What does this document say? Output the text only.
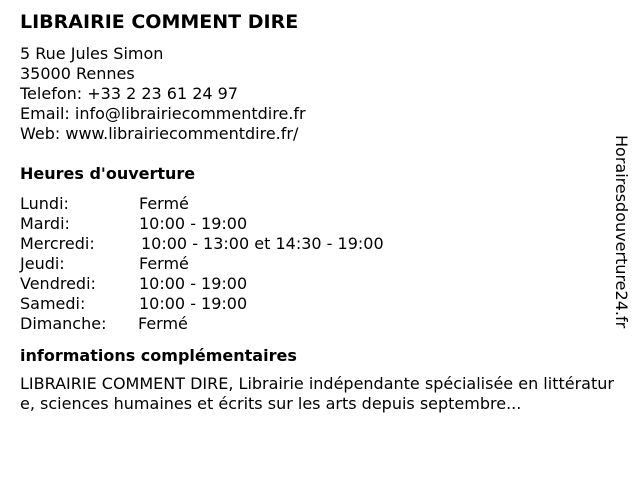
LIBRAIRIE COMMENT DIRE
5 Rue Jules Simon
35000 Rennes
Telefon: +33 2 23 61 24 97
Email: info@librairiecommentdire.fr
Web: www.librairiecommentdire.fr/
Heures d'ouverture
Lundi:	Fermé
Mardi:	10:00 - 19:00
Mercredi:	10:00 - 13:00 et 14:30 - 19:00
Jeudi:	Fermé
Vendredi:	10:00 - 19:00
Samedi:	10:00 - 19:00
Dimanche: Fermé
informations complémentaires
LIBRAIRIE COMMENT DIRE, Librairie indépendante spécialisée en littérature, sciences humaines et écrits sur les arts depuis septembre...
Horairesdouverture24.fr
